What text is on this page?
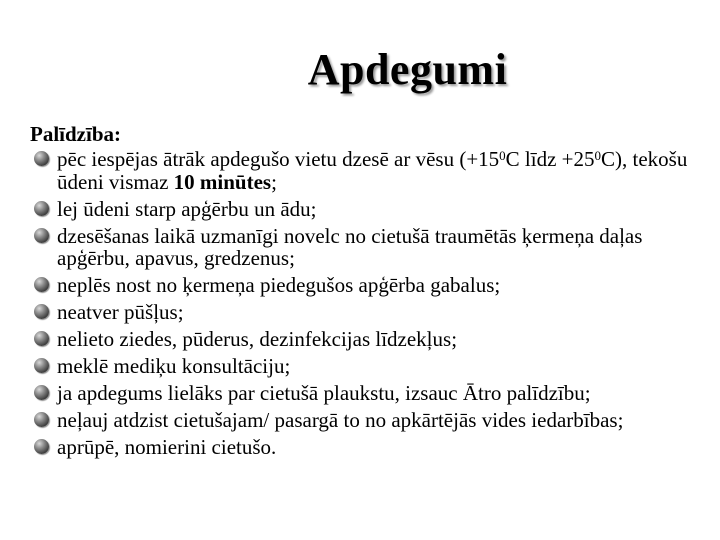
Apdegumi
Palīdzība:
pēc iespējas ātrāk apdegušo vietu dzesē ar vēsu ($+15^0C$ līdz $+25^0C$), tekošu ūdeni vismaz 10 minūtes;
lej ūdeni starp apģērbu un ādu;
dzesēšanas laikā uzmanīgi novelc no cietušā traumētās ķermeņa daļas apģērbu, apavus, gredzenus;
neplēs nost no ķermeņa piedegušos apģērba gabalus;
neatver pūšļus;
nelieto ziedes, pūderus, dezinfekcijas līdzekļus;
meklē mediķu konsultāciju;
ja apdegums lielāks par cietušā plaukstu, izsauc Ātro palīdzību;
neļauj atdzist cietušajam/ pasargā to no apkārtējās vides iedarbības;
aprūpē, nomierini cietušo.
